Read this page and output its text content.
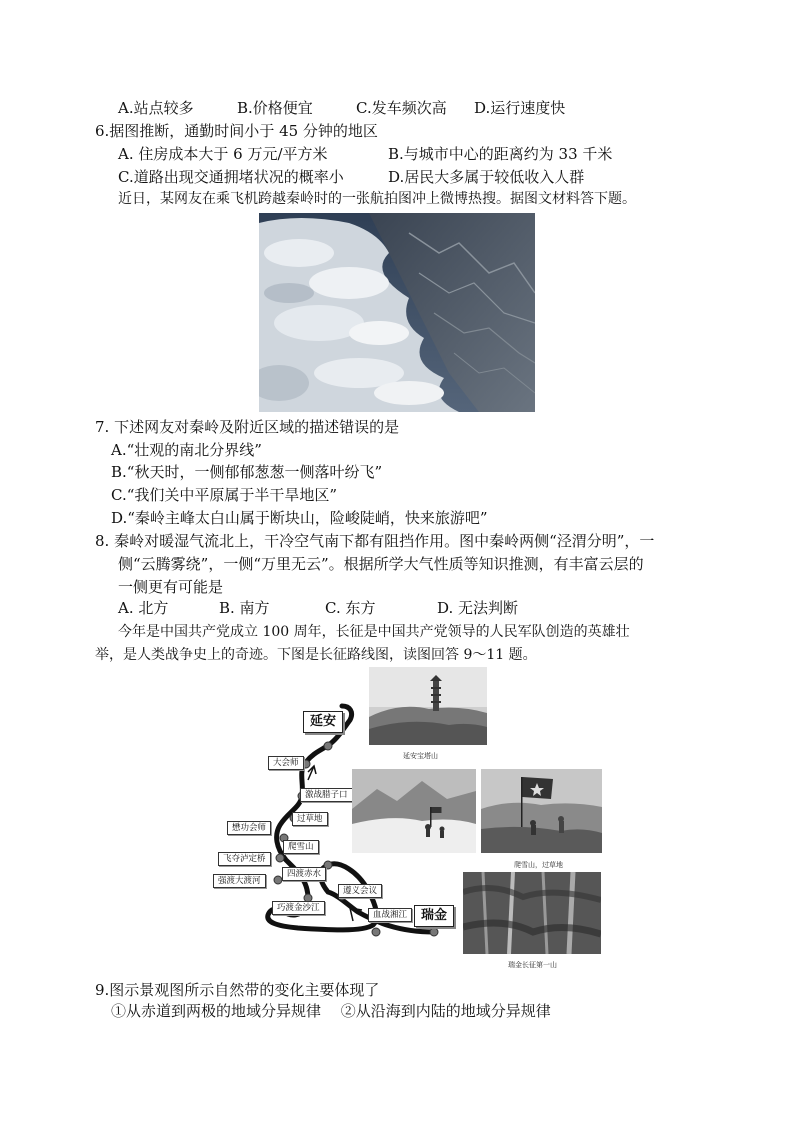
A.站点较多	B.价格便宜	C.发车频次高 D.运行速度快
6.据图推断，通勤时间小于 45 分钟的地区
A. 住房成本大于 6 万元/平方米	B.与城市中心的距离约为 33 千米
C.道路出现交通拥堵状况的概率小	D.居民大多属于较低收入人群
近日，某网友在乘飞机跨越秦岭时的一张航拍图冲上微博热搜。据图文材料答下题。
7. 下述网友对秦岭及附近区域的描述错误的是
A.“壮观的南北分界线”
B.“秋天时，一侧郁郁葱葱一侧落叶纷飞”
C.“我们关中平原属于半干旱地区”
D.“秦岭主峰太白山属于断块山，险峻陡峭，快来旅游吧”
8. 秦岭对暖湿气流北上，干冷空气南下都有阻挡作用。图中秦岭两侧“泾渭分明”，一
侧“云腾雾绕”，一侧“万里无云”。根据所学大气性质等知识推测，有丰富云层的
一侧更有可能是
A. 北方	B. 南方	C. 东方	D. 无法判断
今年是中国共产党成立 100 周年，长征是中国共产党领导的人民军队创造的英雄壮
举，是人类战争史上的奇迹。下图是长征路线图，读图回答 9～11 题。
延安
瑞金
大会师
激战腊子口
过草地
懋功会师
爬雪山
飞夺泸定桥
四渡赤水
强渡大渡河
遵义会议
巧渡金沙江
血战湘江
延安宝塔山
爬雪山，过草地
瑞金长征第一山
9.图示景观图所示自然带的变化主要体现了
①从赤道到两极的地域分异规律　 ②从沿海到内陆的地域分异规律
